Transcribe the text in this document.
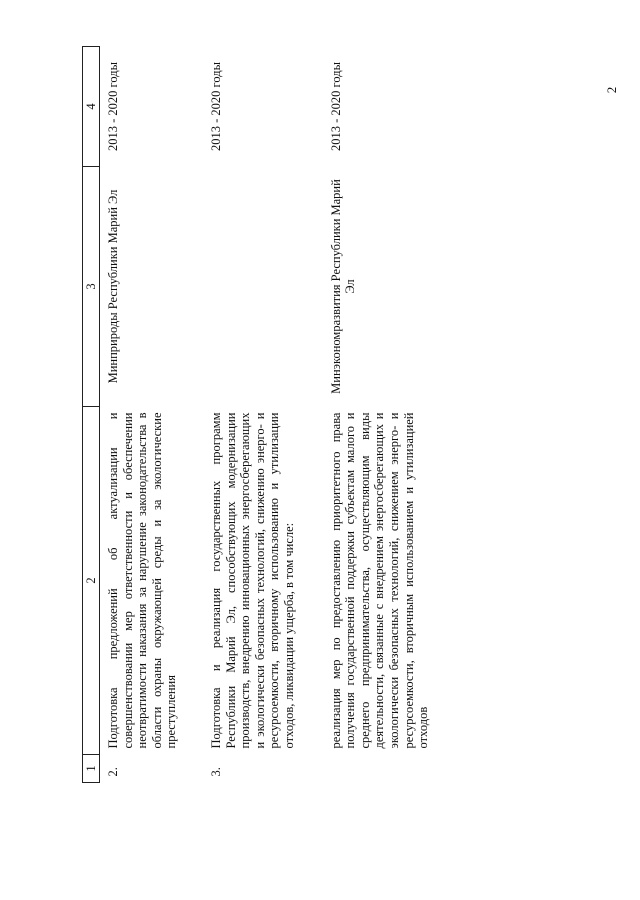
2
1	2	3	4
2.	Подготовка предложений об актуализации и совершенствовании мер ответственности и обеспечении неотвратимости наказания за нарушение законодательства в области охраны окружающей среды и за экологические преступления	Минприроды Республики Марий Эл	2013 - 2020 годы

3.	Подготовка и реализация государственных программ Республики Марий Эл, способствующих модернизации производств, внедрению инновационных энергосберегающих и экологически безопасных технологий, снижению энерго- и ресурсоемкости, вторичному использованию и утилизации отходов, ликвидации ущерба, в том числе:		2013 - 2020 годы

	реализация мер по предоставлению приоритетного права получения государственной поддержки субъектам малого и среднего предпринимательства, осуществляющим виды деятельности, связанные с внедрением энергосберегающих и экологически безопасных технологий, снижением энерго- и ресурсоемкости, вторичным использованием и утилизацией отходов	Минэкономразвития Республики Марий Эл	2013 - 2020 годы
